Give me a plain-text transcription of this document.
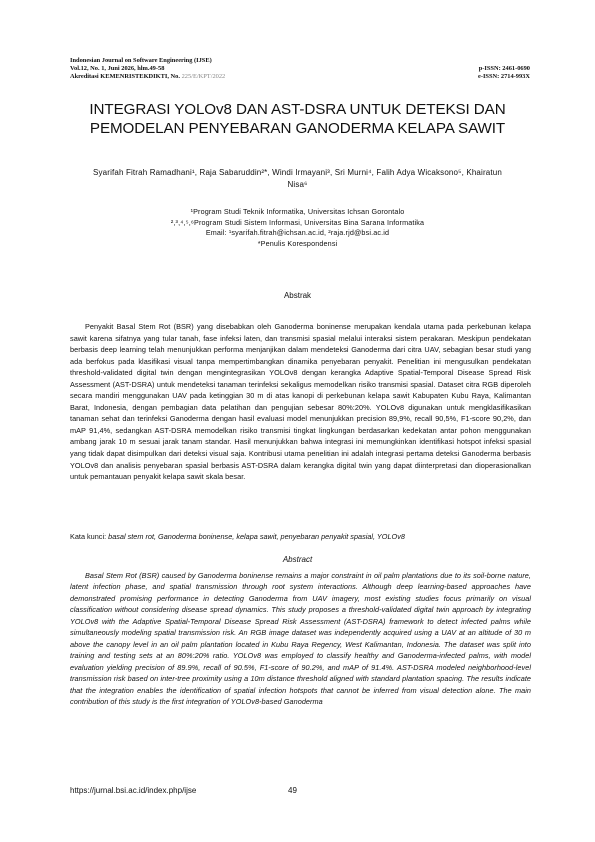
Indonesian Journal on Software Engineering (IJSE)
Vol.12, No. 1, Juni 2026, hlm.49-58	p-ISSN: 2461-0690
Akreditasi KEMENRISTEKDIKTI, No. 225/E/KPT/2022	e-ISSN: 2714-993X
INTEGRASI YOLOv8 DAN AST-DSRA UNTUK DETEKSI DAN PEMODELAN PENYEBARAN GANODERMA KELAPA SAWIT
Syarifah Fitrah Ramadhani¹, Raja Sabaruddin²*, Windi Irmayani³, Sri Murni⁴, Falih Adya Wicaksono⁵, Khairatun Nisa⁶
¹Program Studi Teknik Informatika, Universitas Ichsan Gorontalo
²,³,⁴,⁵,⁶Program Studi Sistem Informasi, Universitas Bina Sarana Informatika
Email: ¹syarifah.fitrah@ichsan.ac.id, ²raja.rjd@bsi.ac.id
*Penulis Korespondensi
Abstrak

Penyakit Basal Stem Rot (BSR) yang disebabkan oleh Ganoderma boninense merupakan kendala utama pada perkebunan kelapa sawit karena sifatnya yang tular tanah, fase infeksi laten, dan transmisi spasial melalui interaksi sistem perakaran. Meskipun pendekatan berbasis deep learning telah menunjukkan performa menjanjikan dalam mendeteksi Ganoderma dari citra UAV, sebagian besar studi yang ada berfokus pada klasifikasi visual tanpa mempertimbangkan dinamika penyebaran penyakit. Penelitian ini mengusulkan pendekatan threshold-validated digital twin dengan mengintegrasikan YOLOv8 dengan kerangka Adaptive Spatial-Temporal Disease Spread Risk Assessment (AST-DSRA) untuk mendeteksi tanaman terinfeksi sekaligus memodelkan risiko transmisi spasial. Dataset citra RGB diperoleh secara mandiri menggunakan UAV pada ketinggian 30 m di atas kanopi di perkebunan kelapa sawit Kabupaten Kubu Raya, Kalimantan Barat, Indonesia, dengan pembagian data pelatihan dan pengujian sebesar 80%:20%. YOLOv8 digunakan untuk mengklasifikasikan tanaman sehat dan terinfeksi Ganoderma dengan hasil evaluasi model menunjukkan precision 89,9%, recall 90,5%, F1-score 90,2%, dan mAP 91,4%, sedangkan AST-DSRA memodelkan risiko transmisi tingkat lingkungan berdasarkan kedekatan antar pohon menggunakan ambang jarak 10 m sesuai jarak tanam standar. Hasil menunjukkan bahwa integrasi ini memungkinkan identifikasi hotspot infeksi spasial yang tidak dapat disimpulkan dari deteksi visual saja. Kontribusi utama penelitian ini adalah integrasi pertama deteksi Ganoderma berbasis YOLOv8 dan analisis penyebaran spasial berbasis AST-DSRA dalam kerangka digital twin yang dapat diinterpretasi dan dioperasionalkan untuk pemantauan penyakit kelapa sawit skala besar.

Kata kunci: basal stem rot, Ganoderma boninense, kelapa sawit, penyebaran penyakit spasial, YOLOv8
Abstract

Basal Stem Rot (BSR) caused by Ganoderma boninense remains a major constraint in oil palm plantations due to its soil-borne nature, latent infection phase, and spatial transmission through root system interactions. Although deep learning-based approaches have demonstrated promising performance in detecting Ganoderma from UAV imagery, most existing studies focus primarily on visual classification without considering disease spread dynamics. This study proposes a threshold-validated digital twin approach by integrating YOLOv8 with the Adaptive Spatial-Temporal Disease Spread Risk Assessment (AST-DSRA) framework to detect infected palms while simultaneously modeling spatial transmission risk. An RGB image dataset was independently acquired using a UAV at an altitude of 30 m above the canopy level in an oil palm plantation located in Kubu Raya Regency, West Kalimantan, Indonesia. The dataset was split into training and testing sets at an 80%:20% ratio. YOLOv8 was employed to classify healthy and Ganoderma-infected palms, with model evaluation yielding precision of 89.9%, recall of 90.5%, F1-score of 90.2%, and mAP of 91.4%. AST-DSRA modeled neighborhood-level transmission risk based on inter-tree proximity using a 10m distance threshold aligned with standard plantation spacing. The results indicate that the integration enables the identification of spatial infection hotspots that cannot be inferred from visual detection alone. The main contribution of this study is the first integration of YOLOv8-based Ganoderma

https://jurnal.bsi.ac.id/index.php/ijse	49
